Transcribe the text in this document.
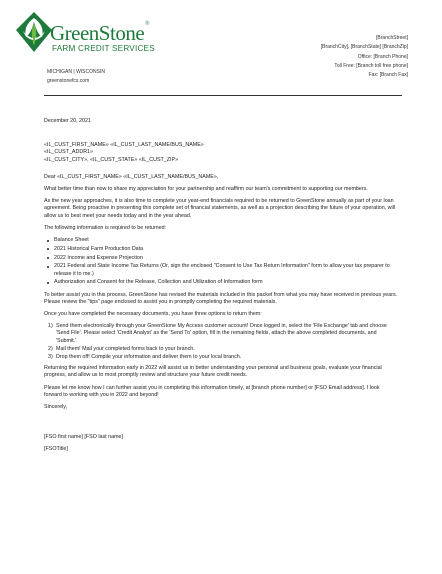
GreenStone®
FARM CREDIT SERVICES
MICHIGAN | WISCONSIN
greenstonefcs.com
[BranchStreet]
[BranchCity], [BranchState] [BranchZip]
Office: [Branch Phone]
Toll Free: [Branch toll free phone]
Fax: [Branch Fax]
December 20, 2021
«IL_CUST_FIRST_NAME» «IL_CUST_LAST_NAME/BUS_NAME»
«IL_CUST_ADDR1»
«IL_CUST_CITY», «IL_CUST_STATE» «IL_CUST_ZIP»

Dear «IL_CUST_FIRST_NAME» «IL_CUST_LAST_NAME/BUS_NAME»,

What better time than now to share my appreciation for your partnership and reaffirm our team's commitment to supporting our members.

As the new year approaches, it is also time to complete your year-end financials required to be returned to GreenStone annually as part of your loan agreement. Being proactive in presenting this complete set of financial statements, as well as a projection describing the future of your operation, will allow us to best meet your needs today and in the year ahead.

The following information is required to be returned:

Balance Sheet
2021 Historical Farm Production Data
2022 Income and Expense Projection
2021 Federal and State Income Tax Returns (Or, sign the enclosed "Consent to Use Tax Return Information" form to allow your tax preparer to release it to me.)
Authorization and Consent for the Release, Collection and Utilization of Information form

To better assist you in this process, GreenStone has revised the materials included in this packet from what you may have received in previous years. Please review the "tips" page enclosed to assist you in promptly completing the required materials.

Once you have completed the necessary documents, you have three options to return them:

1) Send them electronically through your GreenStone My Access customer account! Once logged in, select the 'File Exchange' tab and choose 'Send File'. Please select 'Credit Analyst' as the 'Send To' option, fill in the remaining fields, attach the above completed documents, and 'Submit.'
2) Mail them! Mail your completed forms back to your branch.
3) Drop them off! Compile your information and deliver them to your local branch.

Returning the required information early in 2022 will assist us in better understanding your personal and business goals, evaluate your financial progress, and allow us to most promptly review and structure your future credit needs.

Please let me know how I can further assist you in completing this information timely, at [branch phone number] or [FSO Email address]. I look forward to working with you in 2022 and beyond!

Sincerely,

[FSO first name] [FSO last name]

[FSOTitle]
